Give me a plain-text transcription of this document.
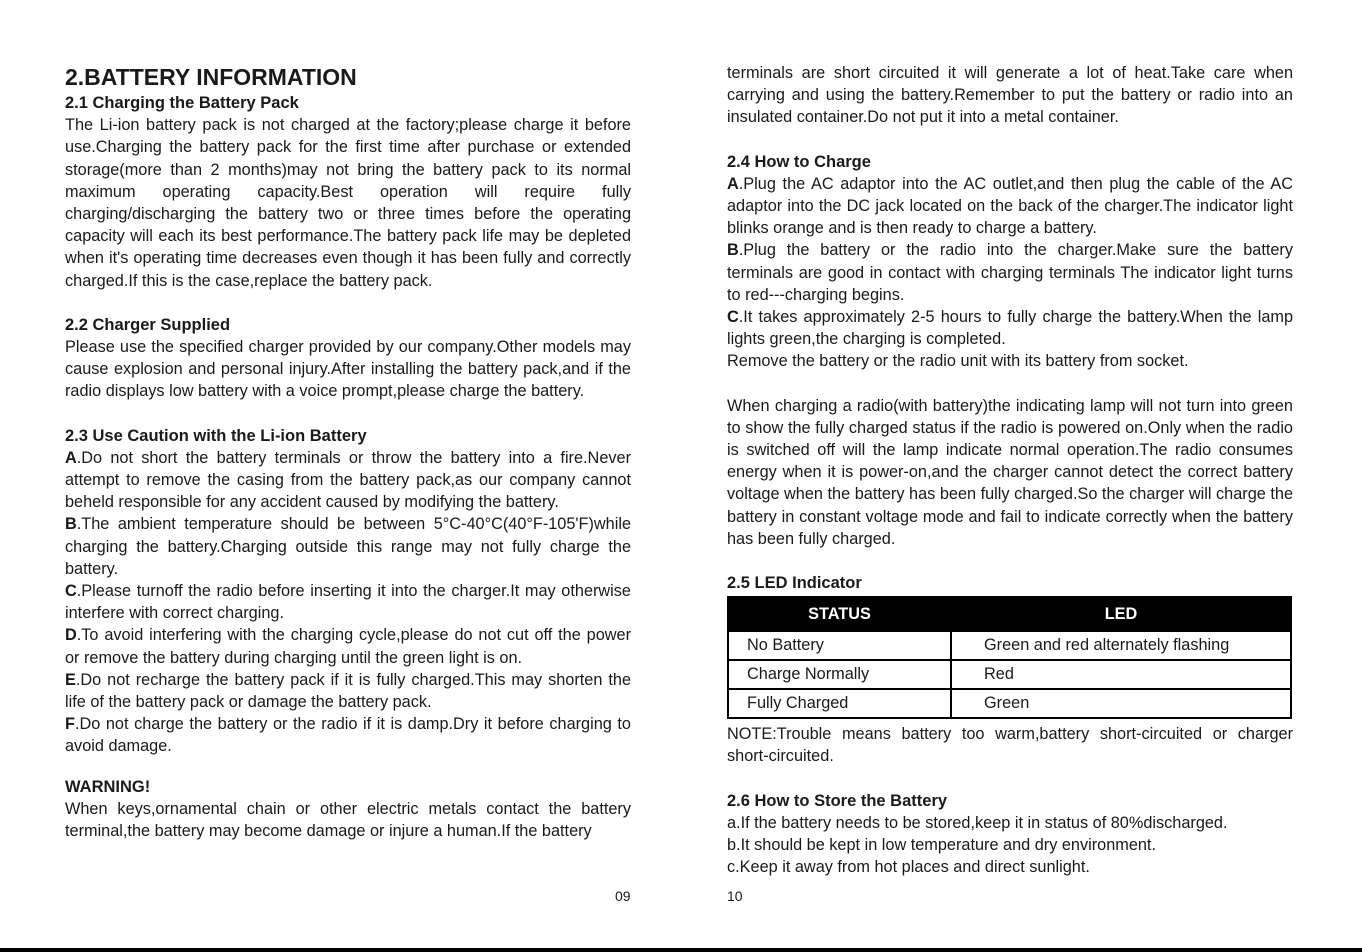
2.BATTERY INFORMATION

2.1 Charging the Battery Pack

The Li-ion battery pack is not charged at the factory;please charge it before use.Charging the battery pack for the first time after purchase or extended storage(more than 2 months)may not bring the battery pack to its normal maximum operating capacity.Best operation will require fully charging/discharging the battery two or three times before the operating capacity will each its best performance.The battery pack life may be depleted when it's operating time decreases even though it has been fully and correctly charged.If this is the case,replace the battery pack.

2.2 Charger Supplied

Please use the specified charger provided by our company.Other models may cause explosion and personal injury.After installing the battery pack,and if the radio displays low battery with a voice prompt,please charge the battery.

2.3 Use Caution with the Li-ion Battery

A.Do not short the battery terminals or throw the battery into a fire.Never attempt to remove the casing from the battery pack,as our company cannot beheld responsible for any accident caused by modifying the battery.

B.The ambient temperature should be between 5°C-40°C(40°F-105'F)while charging the battery.Charging outside this range may not fully charge the battery.

C.Please turnoff the radio before inserting it into the charger.It may otherwise interfere with correct charging.

D.To avoid interfering with the charging cycle,please do not cut off the power or remove the battery during charging until the green light is on.

E.Do not recharge the battery pack if it is fully charged.This may shorten the life of the battery pack or damage the battery pack.

F.Do not charge the battery or the radio if it is damp.Dry it before charging to avoid damage.

WARNING!

When keys,ornamental chain or other electric metals contact the battery terminal,the battery may become damage or injure a human.If the battery

09

terminals are short circuited it will generate a lot of heat.Take care when carrying and using the battery.Remember to put the battery or radio into an insulated container.Do not put it into a metal container.

2.4 How to Charge

A.Plug the AC adaptor into the AC outlet,and then plug the cable of the AC adaptor into the DC jack located on the back of the charger.The indicator light blinks orange and is then ready to charge a battery.

B.Plug the battery or the radio into the charger.Make sure the battery terminals are good in contact with charging terminals The indicator light turns to red---charging begins.

C.It takes approximately 2-5 hours to fully charge the battery.When the lamp lights green,the charging is completed.

Remove the battery or the radio unit with its battery from socket.

When charging a radio(with battery)the indicating lamp will not turn into green to show the fully charged status if the radio is powered on.Only when the radio is switched off will the lamp indicate normal operation.The radio consumes energy when it is power-on,and the charger cannot detect the correct battery voltage when the battery has been fully charged.So the charger will charge the battery in constant voltage mode and fail to indicate correctly when the battery has been fully charged.

2.5 LED Indicator

STATUS	LED
No Battery	Green and red alternately flashing
Charge Normally	Red
Fully Charged	Green

NOTE:Trouble means battery too warm,battery short-circuited or charger short-circuited.

2.6 How to Store the Battery

a.If the battery needs to be stored,keep it in status of 80%discharged.

b.It should be kept in low temperature and dry environment.

c.Keep it away from hot places and direct sunlight.

10
